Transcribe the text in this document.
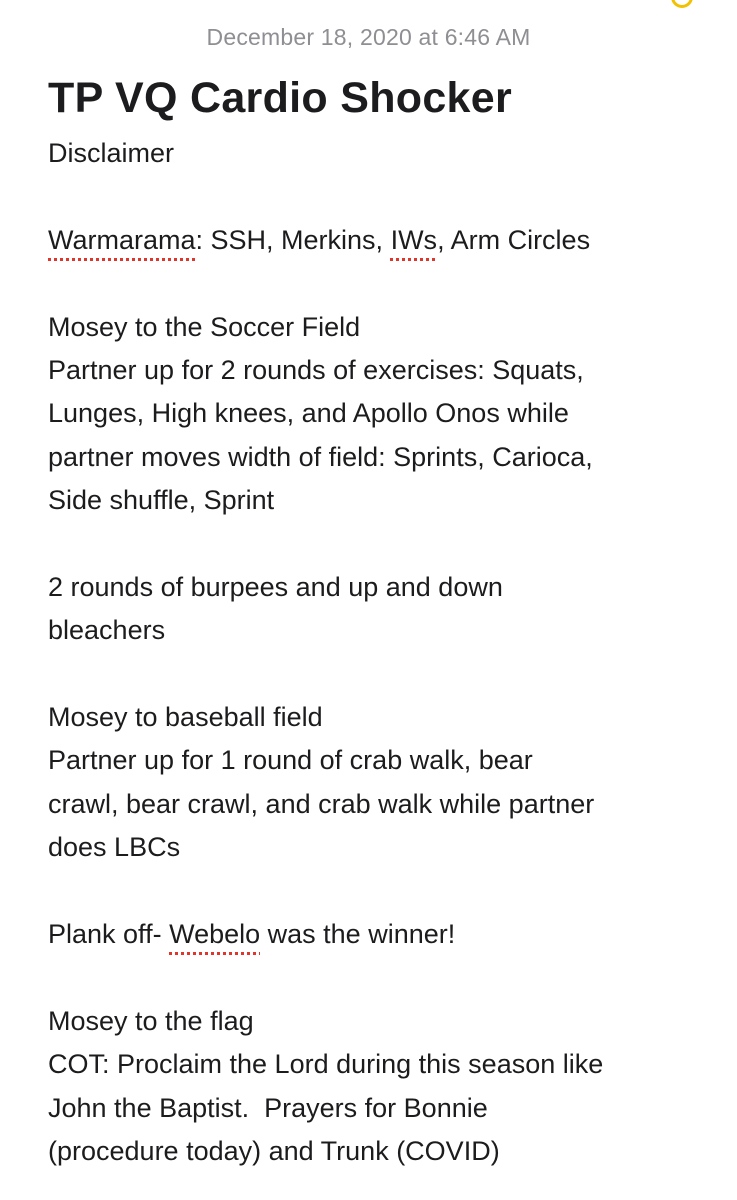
December 18, 2020 at 6:46 AM
TP VQ Cardio Shocker
Disclaimer
Warmarama: SSH, Merkins, IWs, Arm Circles
Mosey to the Soccer Field
Partner up for 2 rounds of exercises: Squats,
Lunges, High knees, and Apollo Onos while
partner moves width of field: Sprints, Carioca,
Side shuffle, Sprint
2 rounds of burpees and up and down
bleachers
Mosey to baseball field
Partner up for 1 round of crab walk, bear
crawl, bear crawl, and crab walk while partner
does LBCs
Plank off- Webelo was the winner!
Mosey to the flag
COT: Proclaim the Lord during this season like
John the Baptist.  Prayers for Bonnie
(procedure today) and Trunk (COVID)
